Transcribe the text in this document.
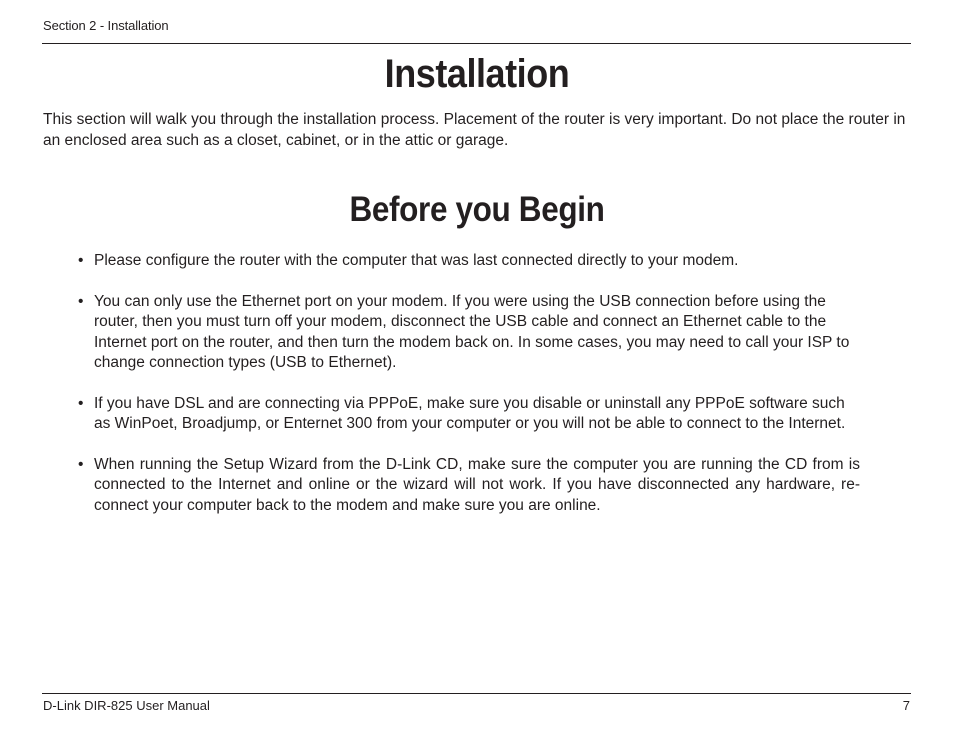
Section 2 - Installation
Installation

This section will walk you through the installation process. Placement of the router is very important. Do not place the router in an enclosed area such as a closet, cabinet, or in the attic or garage.

Before you Begin
• Please configure the router with the computer that was last connected directly to your modem.
• You can only use the Ethernet port on your modem. If you were using the USB connection before using the router, then you must turn off your modem, disconnect the USB cable and connect an Ethernet cable to the Internet port on the router, and then turn the modem back on. In some cases, you may need to call your ISP to change connection types (USB to Ethernet).
• If you have DSL and are connecting via PPPoE, make sure you disable or uninstall any PPPoE software such as WinPoet, Broadjump, or Enternet 300 from your computer or you will not be able to connect to the Internet.
• When running the Setup Wizard from the D-Link CD, make sure the computer you are running the CD from is connected to the Internet and online or the wizard will not work. If you have disconnected any hardware, re-connect your computer back to the modem and make sure you are online.
D-Link DIR-825 User Manual	7
